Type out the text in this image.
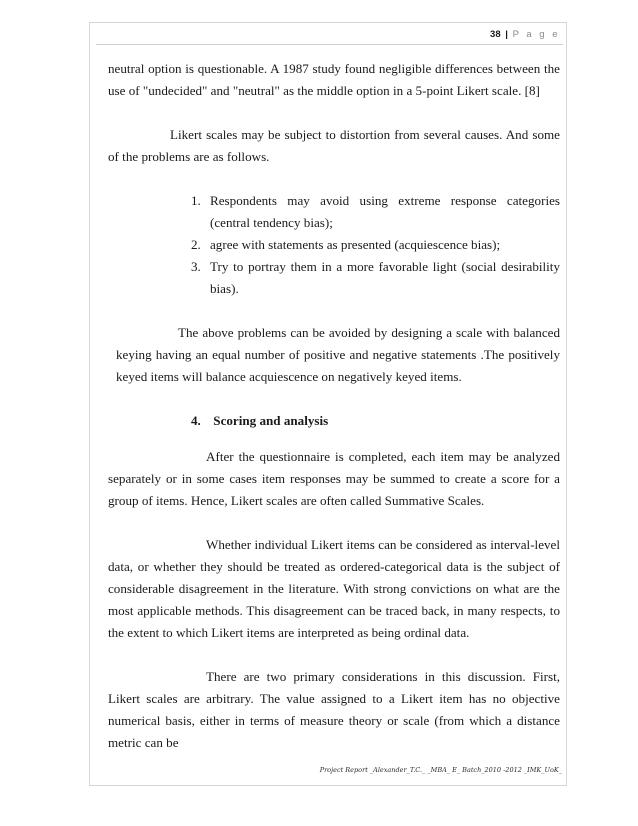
38 | P a g e

neutral option is questionable. A 1987 study found negligible differences between the use of "undecided" and "neutral" as the middle option in a 5-point Likert scale. [8]

Likert scales may be subject to distortion from several causes. And some of the problems are as follows.

1. Respondents may avoid using extreme response categories (central tendency bias);
2. agree with statements as presented (acquiescence bias);
3. Try to portray them in a more favorable light (social desirability bias).

The above problems can be avoided by designing a scale with balanced keying having an equal number of positive and negative statements .The positively keyed items will balance acquiescence on negatively keyed items.

4. Scoring and analysis

After the questionnaire is completed, each item may be analyzed separately or in some cases item responses may be summed to create a score for a group of items. Hence, Likert scales are often called Summative Scales.

Whether individual Likert items can be considered as interval-level data, or whether they should be treated as ordered-categorical data is the subject of considerable disagreement in the literature. With strong convictions on what are the most applicable methods. This disagreement can be traced back, in many respects, to the extent to which Likert items are interpreted as being ordinal data.

There are two primary considerations in this discussion. First, Likert scales are arbitrary. The value assigned to a Likert item has no objective numerical basis, either in terms of measure theory or scale (from which a distance metric can be

Project Report _Alexander_T.C._ _MBA_ E_ Batch_2010 -2012 _IMK_UoK_
